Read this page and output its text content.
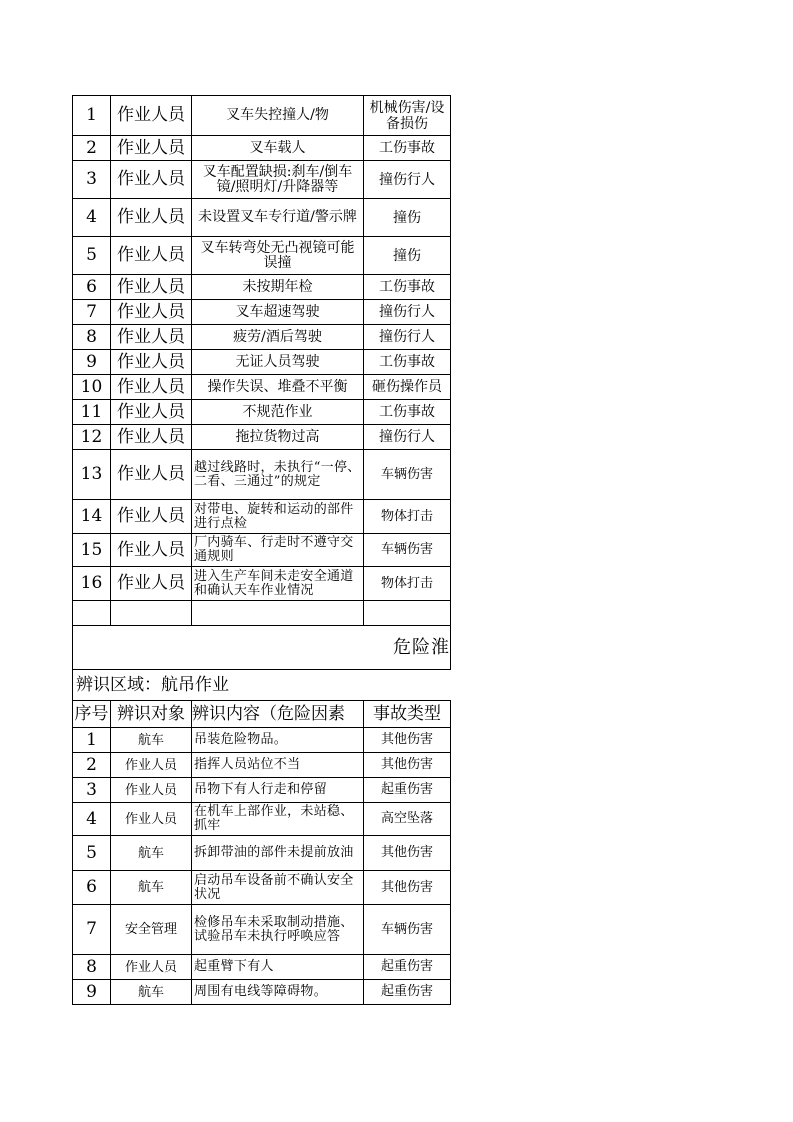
1	作业人员	叉车失控撞人/物	机械伤害/设备损伤
2	作业人员	叉车载人	工伤事故
3	作业人员	叉车配置缺损:刹车/倒车镜/照明灯/升降器等	撞伤行人
4	作业人员	未设置叉车专行道/警示牌	撞伤
5	作业人员	叉车转弯处无凸视镜可能误撞	撞伤
6	作业人员	未按期年检	工伤事故
7	作业人员	叉车超速驾驶	撞伤行人
8	作业人员	疲劳/酒后驾驶	撞伤行人
9	作业人员	无证人员驾驶	工伤事故
10	作业人员	操作失误、堆叠不平衡	砸伤操作员
11	作业人员	不规范作业	工伤事故
12	作业人员	拖拉货物过高	撞伤行人
13	作业人员	越过线路时，未执行“一停、二看、三通过”的规定	车辆伤害
14	作业人员	对带电、旋转和运动的部件进行点检	物体打击
15	作业人员	厂内骑车、行走时不遵守交通规则	车辆伤害
16	作业人员	进入生产车间未走安全通道和确认天车作业情况	物体打击

危险淮			
辨识区域：航吊作业			
序号	辨识对象	辨识内容（危险因素	事故类型
1	航车	吊装危险物品。	其他伤害
2	作业人员	指挥人员站位不当	其他伤害
3	作业人员	吊物下有人行走和停留	起重伤害
4	作业人员	在机车上部作业，未站稳、抓牢	高空坠落
5	航车	拆卸带油的部件未提前放油	其他伤害
6	航车	启动吊车设备前不确认安全状况	其他伤害
7	安全管理	检修吊车未采取制动措施、试验吊车未执行呼唤应答	车辆伤害
8	作业人员	起重臂下有人	起重伤害
9	航车	周围有电线等障碍物。	起重伤害
